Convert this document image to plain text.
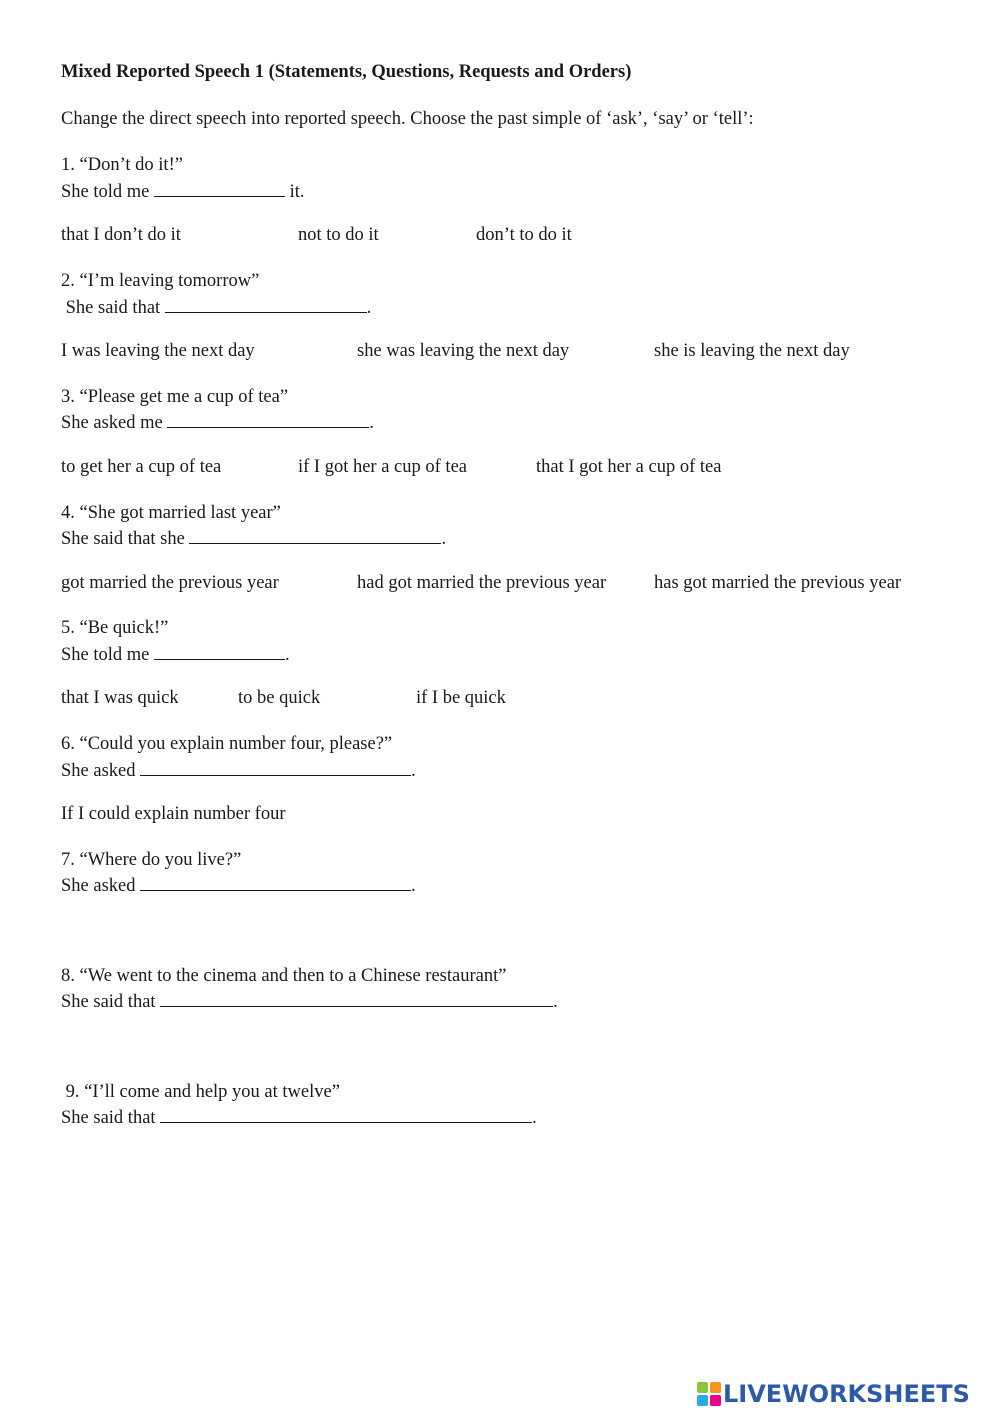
Mixed Reported Speech 1 (Statements, Questions, Requests and Orders)
Change the direct speech into reported speech. Choose the past simple of ‘ask’, ‘say’ or ‘tell’:
1. “Don’t do it!”
She told me	it.
that I don’t do it	not to do it	don’t to do it
2. “I’m leaving tomorrow”
She said that	.
I was leaving the next day	she was leaving the next day	she is leaving the next day
3. “Please get me a cup of tea”
She asked me	.
to get her a cup of tea	if I got her a cup of tea	that I got her a cup of tea
4. “She got married last year”
She said that she	.
got married the previous year	had got married the previous year	has got married the previous year
5. “Be quick!”
She told me	.
that I was quick	to be quick	if I be quick
6. “Could you explain number four, please?”
She asked	.
If I could explain number four
7. “Where do you live?”
She asked	.
8. “We went to the cinema and then to a Chinese restaurant”
She said that	.
9. “I’ll come and help you at twelve”
She said that	.
LIVEWORKSHEETS
